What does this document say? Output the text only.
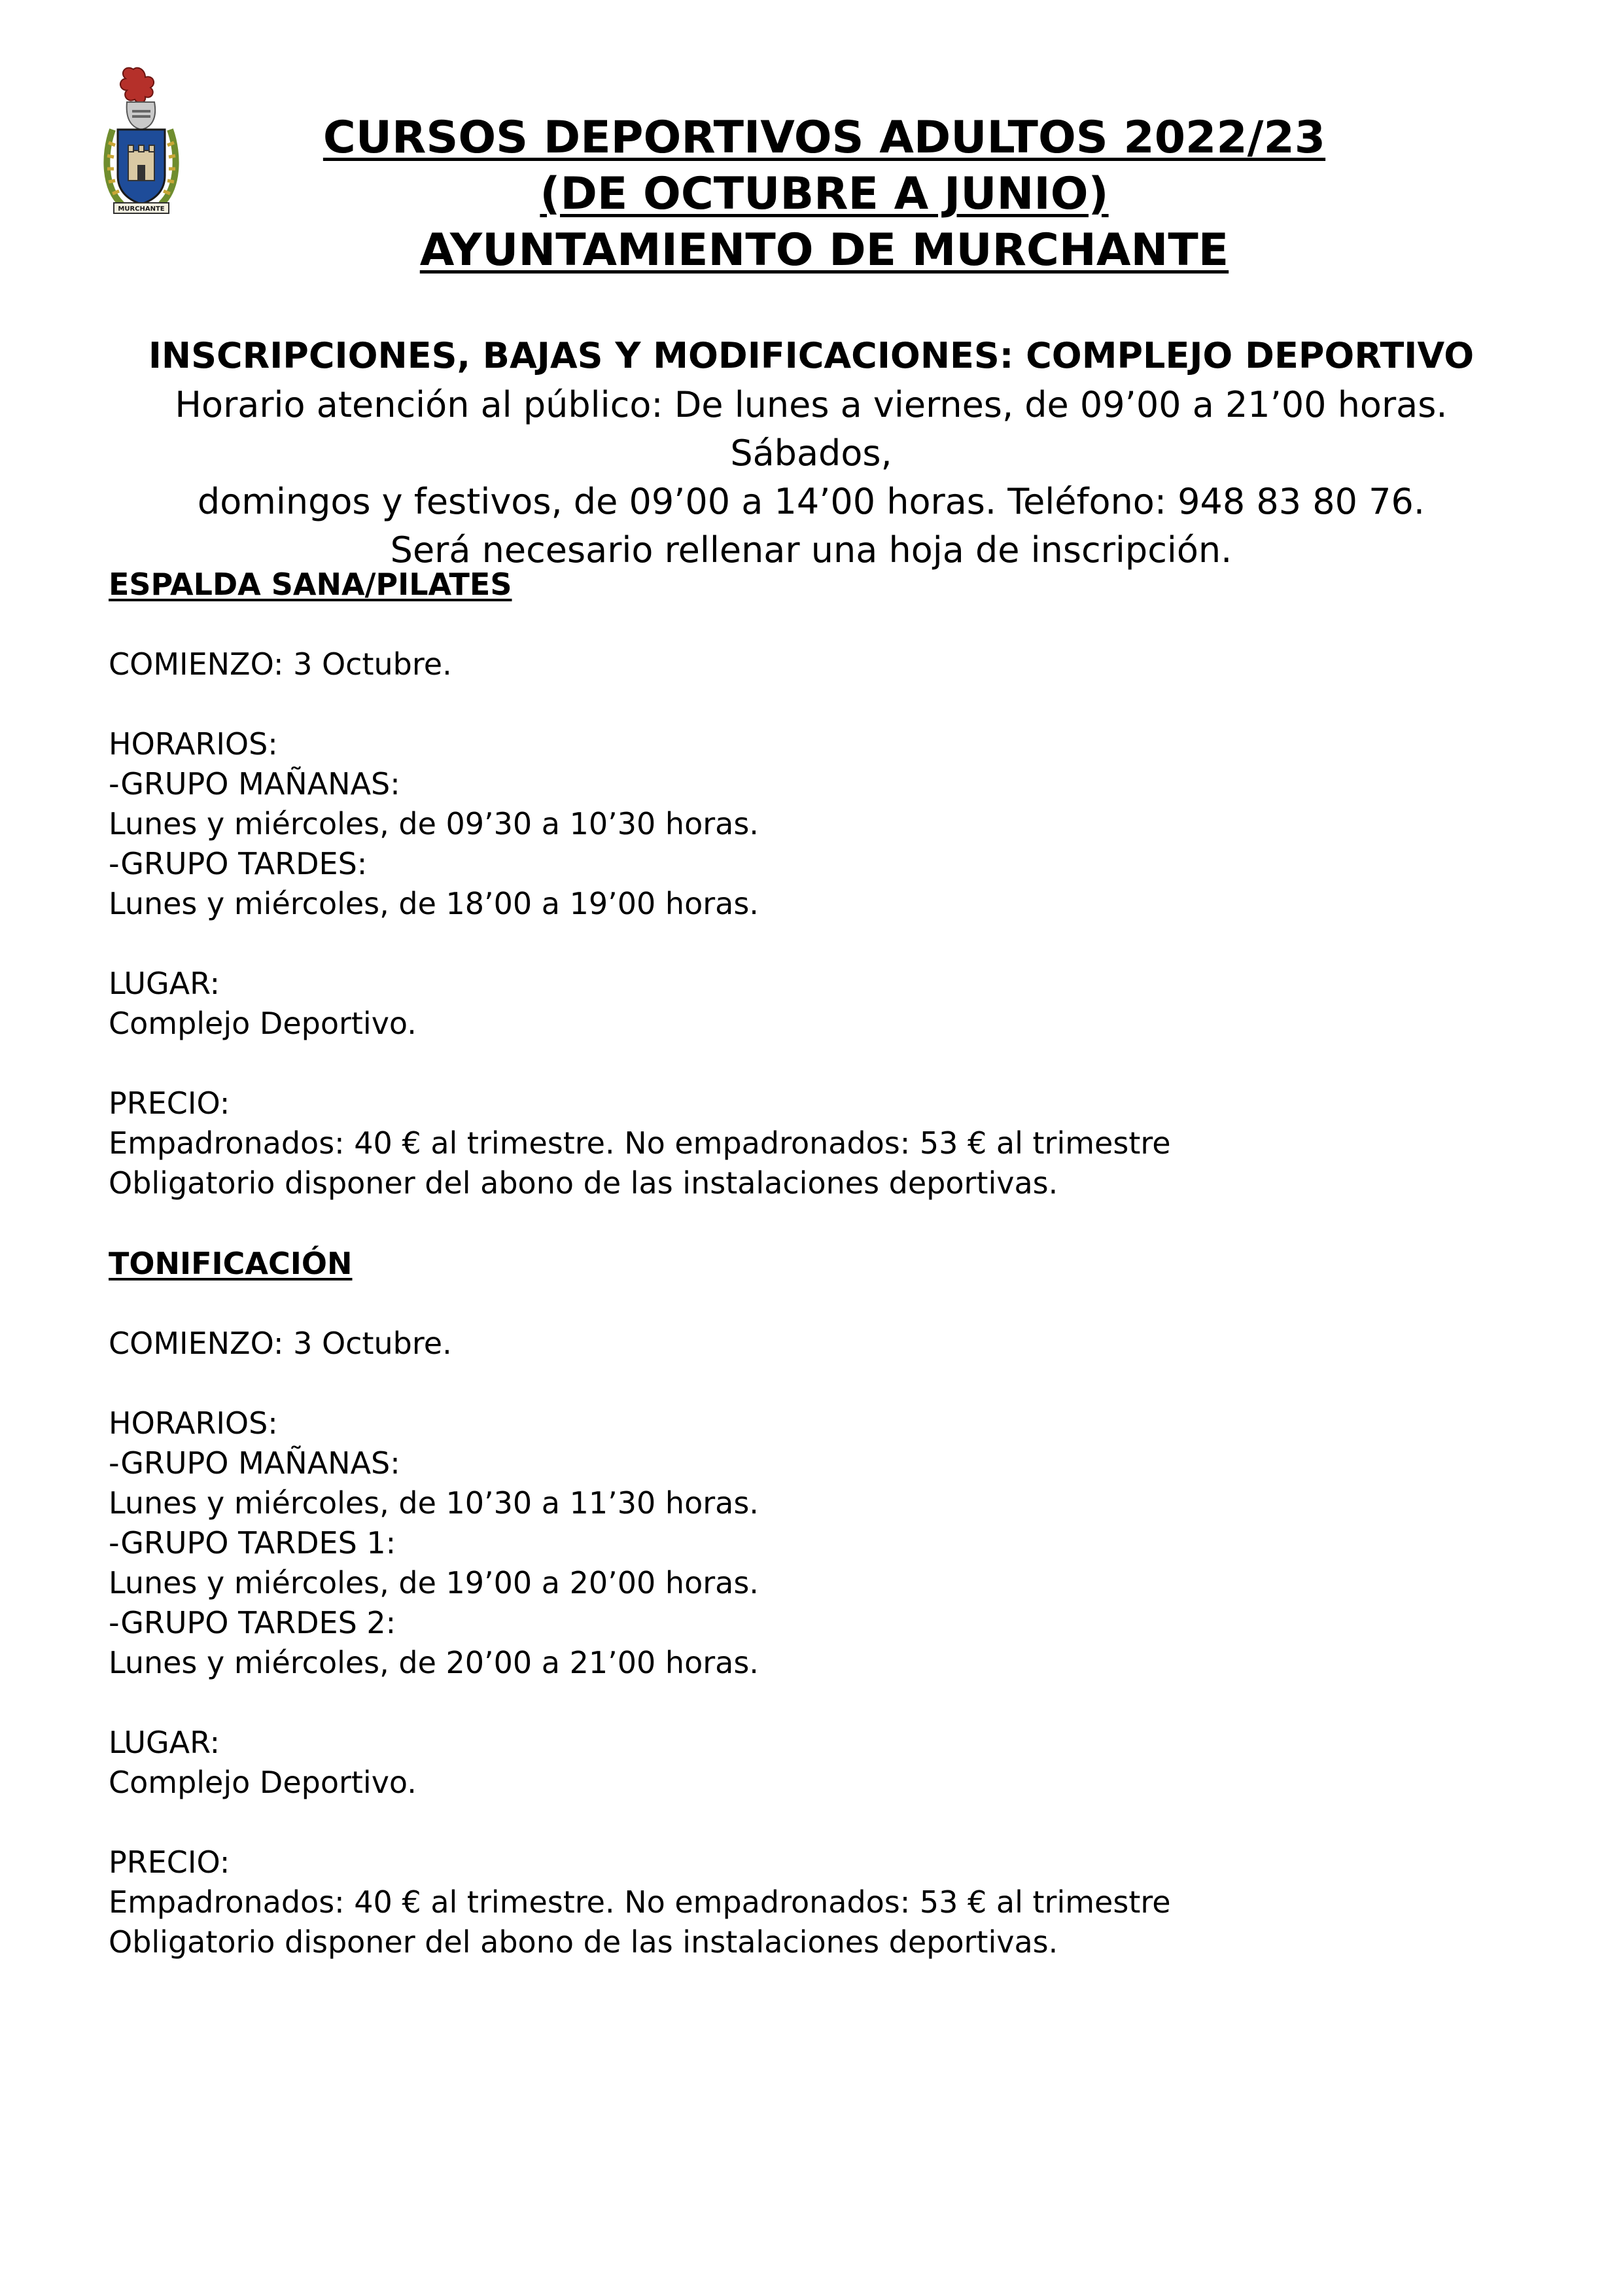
MURCHANTE
CURSOS DEPORTIVOS ADULTOS 2022/23
(DE OCTUBRE A JUNIO)
AYUNTAMIENTO DE MURCHANTE
INSCRIPCIONES, BAJAS Y MODIFICACIONES: COMPLEJO DEPORTIVO
Horario atención al público: De lunes a viernes, de 09’00 a 21’00 horas. Sábados,
domingos y festivos, de 09’00 a 14’00 horas. Teléfono: 948 83 80 76.
Será necesario rellenar una hoja de inscripción.
ESPALDA SANA/PILATES
COMIENZO: 3 Octubre.
HORARIOS:
-GRUPO MAÑANAS:
Lunes y miércoles, de 09’30 a 10’30 horas.
-GRUPO TARDES:
Lunes y miércoles, de 18’00 a 19’00 horas.
LUGAR:
Complejo Deportivo.
PRECIO:
Empadronados: 40 € al trimestre. No empadronados: 53 € al trimestre
Obligatorio disponer del abono de las instalaciones deportivas.
TONIFICACIÓN
COMIENZO: 3 Octubre.
HORARIOS:
-GRUPO MAÑANAS:
Lunes y miércoles, de 10’30 a 11’30 horas.
-GRUPO TARDES 1:
Lunes y miércoles, de 19’00 a 20’00 horas.
-GRUPO TARDES 2:
Lunes y miércoles, de 20’00 a 21’00 horas.
LUGAR:
Complejo Deportivo.
PRECIO:
Empadronados: 40 € al trimestre. No empadronados: 53 € al trimestre
Obligatorio disponer del abono de las instalaciones deportivas.
